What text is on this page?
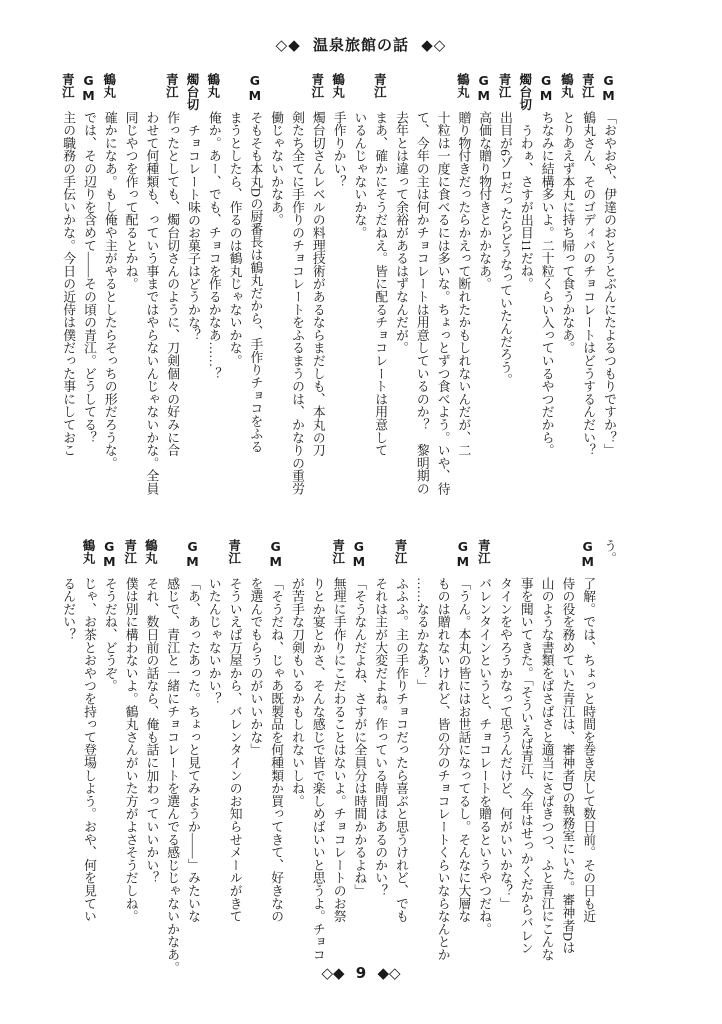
◇◆ 温泉旅館の話 ◆◇
GM
「おやおや、伊達のおとうとぶんにたよるつもりですか？」
青江
鶴丸さん、そのゴディバのチョコレートはどうするんだい？
鶴丸
とりあえず本丸に持ち帰って食うかなあ。
GM
ちなみに結構多いよ。二十粒くらい入っているやつだから。
燭台切
うわぁ、さすが出目11だね。
青江
出目が6ゾロだったらどうなっていたんだろう。
GM
高価な贈り物付きとかかなあ。
鶴丸
贈り物付きだったらかえって断れたかもしれないんだが、二
十粒は一度に食べるには多いな。ちょっとずつ食べよう。いや、待
て、今年の主は何かチョコレートは用意しているのか？　黎明期の
去年とは違って余裕があるはずなんだが。
青江
まあ、確かにそうだねえ。皆に配るチョコレートは用意して
いるんじゃないかな。
鶴丸
手作りかい？
青江
燭台切さんレベルの料理技術があるならまだしも、本丸の刀
剣たち全てに手作りのチョコレートをふるまうのは、かなりの重労
働じゃないかなあ。
GM
そもそも本丸Dの厨番長は鶴丸だから、手作りチョコをふる
まうとしたら、作るのは鶴丸じゃないかな。
鶴丸
俺か。あー、でも、チョコを作るかなあ……？
燭台切
チョコレート味のお菓子はどうかな？
青江
作ったとしても、燭台切さんのように、刀剣個々の好みに合
わせて何種類も、っていう事まではやらないんじゃないかな。全員
同じやつを作って配るとかね。
鶴丸
確かになあ。もし俺や主がやるとしたらそっちの形だろうな。
GM
では、その辺りを含めて――その頃の青江。どうしてる？
青江
主の職務の手伝いかな。今日の近侍は僕だった事にしておこ
う。
GM
了解。では、ちょっと時間を巻き戻して数日前。その日も近
侍の役を務めていた青江は、審神者Dの執務室にいた。審神者Dは
山のような書類をばさばさと適当にさばきつつ、ふと青江にこんな
事を聞いてきた。「そういえば青江、今年はせっかくだからバレン
タインをやろうかなって思うんだけど、何がいいかな？」
青江
バレンタインというと、チョコレートを贈るというやつだね。
GM
「うん。本丸の皆にはお世話になってるし。そんなに大層な
ものは贈れないけれど、皆の分のチョコレートくらいならなんとか
……なるかなあ？」
青江
ふふふ。主の手作りチョコだったら喜ぶと思うけれど、でも
それは主が大変だよね。作っている時間はあるのかい？
GM
「そうなんだよね、さすがに全員分は時間かかるよね」
青江
無理に手作りにこだわることはないよ。チョコレートのお祭
りとか宴とかさ、そんな感じで皆で楽しめばいいと思うよ。チョコ
が苦手な刀剣もいるかもしれないしね。
GM
「そうだね、じゃあ既製品を何種類か買ってきて、好きなの
を選んでもらうのがいいかな」
青江
そういえば万屋から、バレンタインのお知らせメールがきて
いたんじゃないかい？
GM
「あ、あったあった。ちょっと見てみようか――」みたいな
感じで、青江と一緒にチョコレートを選んでる感じじゃないかなあ。
鶴丸
それ、数日前の話なら、俺も話に加わっていいかい？
青江
僕は別に構わないよ。鶴丸さんがいた方がよさそうだしね。
GM
そうだね、どうぞ。
鶴丸
じゃ、お茶とおやつを持って登場しよう。おや、何を見てい
るんだい？
◇◆ 9 ◆◇
